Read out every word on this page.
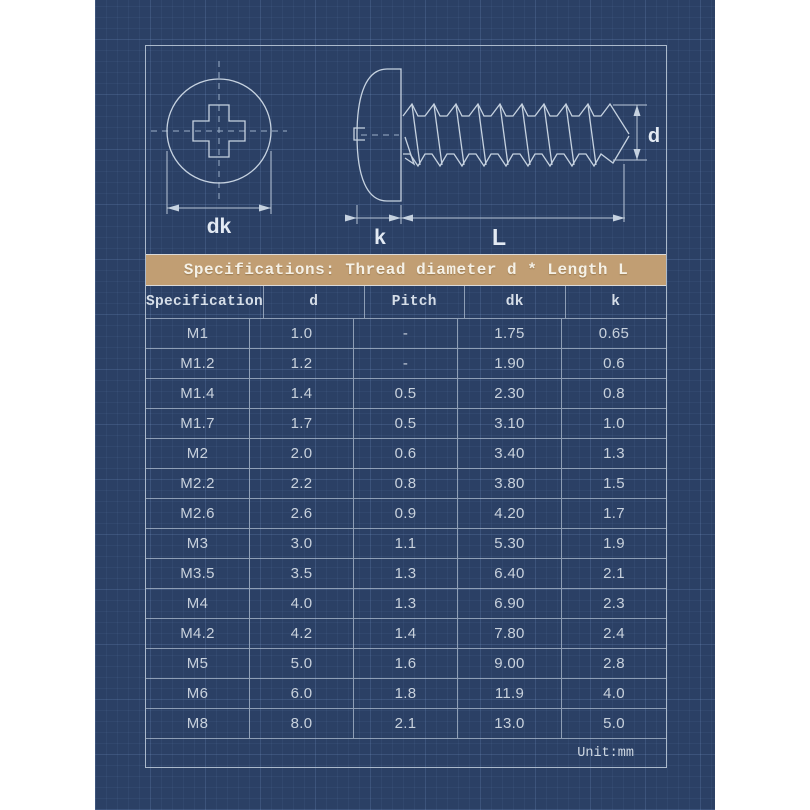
dk	k	L
d
Specifications: Thread diameter d * Length L
Specification	d	Pitch	dk	k
M1	1.0	-	1.75	0.65
M1.2	1.2	-	1.90	0.6
M1.4	1.4	0.5	2.30	0.8
M1.7	1.7	0.5	3.10	1.0
M2	2.0	0.6	3.40	1.3
M2.2	2.2	0.8	3.80	1.5
M2.6	2.6	0.9	4.20	1.7
M3	3.0	1.1	5.30	1.9
M3.5	3.5	1.3	6.40	2.1
M4	4.0	1.3	6.90	2.3
M4.2	4.2	1.4	7.80	2.4
M5	5.0	1.6	9.00	2.8
M6	6.0	1.8	11.9	4.0
M8	8.0	2.1	13.0	5.0
Unit:mm
